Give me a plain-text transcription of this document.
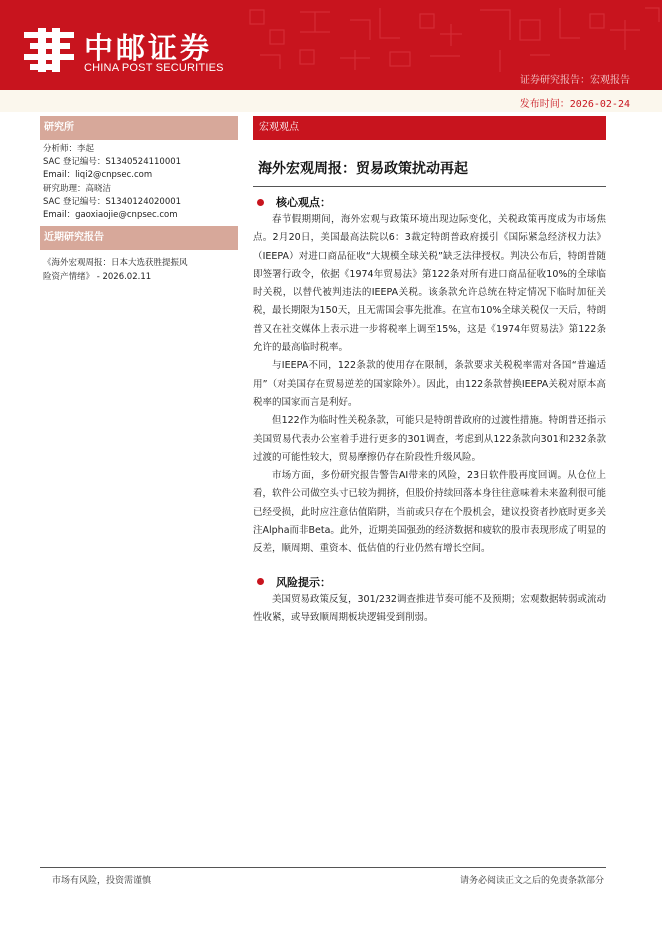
中邮证券
CHINA POST SECURITIES
证券研究报告：宏观报告
发布时间：2026-02-24
研究所
分析师：李起
SAC 登记编号：S1340524110001
Email：liqi2@cnpsec.com
研究助理：高晓洁
SAC 登记编号：S1340124020001
Email：gaoxiaojie@cnpsec.com
近期研究报告
《海外宏观周报：日本大选获胜提振风
险资产情绪》 - 2026.02.11
宏观观点
海外宏观周报：贸易政策扰动再起
核心观点：

春节假期期间，海外宏观与政策环境出现边际变化，关税政策再度成为市场焦点。2月20日，美国最高法院以6：3裁定特朗普政府援引《国际紧急经济权力法》（IEEPA）对进口商品征收“大规模全球关税”缺乏法律授权。判决公布后，特朗普随即签署行政令，依据《1974年贸易法》第122条对所有进口商品征收10%的全球临时关税，以替代被判违法的IEEPA关税。该条款允许总统在特定情况下临时加征关税，最长期限为150天，且无需国会事先批准。在宣布10%全球关税仅一天后，特朗普又在社交媒体上表示进一步将税率上调至15%，这是《1974年贸易法》第122条允许的最高临时税率。

与IEEPA不同，122条款的使用存在限制，条款要求关税税率需对各国“普遍适用”（对美国存在贸易逆差的国家除外）。因此，由122条款替换IEEPA关税对原本高税率的国家而言是利好。

但122作为临时性关税条款，可能只是特朗普政府的过渡性措施。特朗普还指示美国贸易代表办公室着手进行更多的301调查，考虑到从122条款向301和232条款过渡的可能性较大，贸易摩擦仍存在阶段性升级风险。

市场方面，多份研究报告警告AI带来的风险，23日软件股再度回调。从仓位上看，软件公司做空头寸已较为拥挤，但股价持续回落本身往往意味着未来盈利很可能已经受损，此时应注意估值陷阱，当前或只存在个股机会，建议投资者抄底时更多关注Alpha而非Beta。此外，近期美国强劲的经济数据和疲软的股市表现形成了明显的反差，顺周期、重资本、低估值的行业仍然有增长空间。

风险提示：

美国贸易政策反复，301/232调查推进节奏可能不及预期；宏观数据转弱或流动性收紧，或导致顺周期板块逻辑受到削弱。

市场有风险，投资需谨慎	请务必阅读正文之后的免责条款部分
